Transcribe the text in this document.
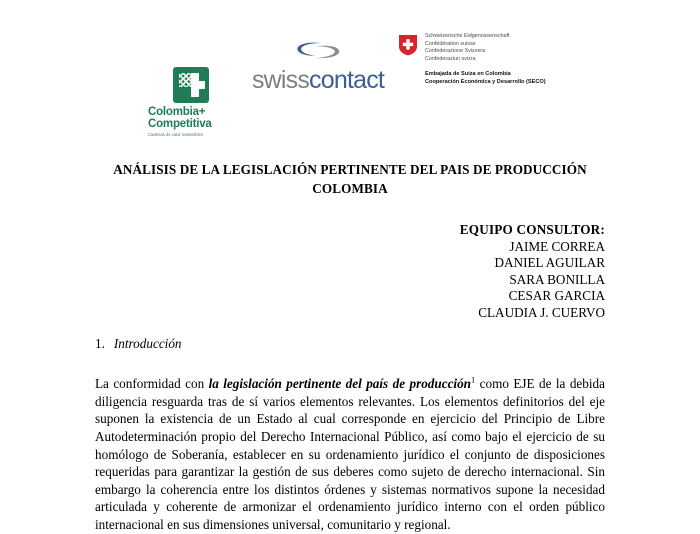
Colombia+
Competitiva
Cadenas de valor sostenibles
swisscontact
Schweizerische Eidgenossenschaft
Confédération suisse
Confederazione Svizzera
Confederaziun svizra
Embajada de Suiza en Colombia
Cooperación Económica y Desarrollo (SECO)
ANÁLISIS DE LA LEGISLACIÓN PERTINENTE DEL PAIS DE PRODUCCIÓN
COLOMBIA
EQUIPO CONSULTOR:
JAIME CORREA
DANIEL AGUILAR
SARA BONILLA
CESAR GARCIA
CLAUDIA J. CUERVO
1. Introducción

La conformidad con la legislación pertinente del país de producción$^1$ como EJE de la debida diligencia resguarda tras de sí varios elementos relevantes. Los elementos definitorios del eje suponen la existencia de un Estado al cual corresponde en ejercicio del Principio de Libre Autodeterminación propio del Derecho Internacional Público, así como bajo el ejercicio de su homólogo de Soberanía, establecer en su ordenamiento jurídico el conjunto de disposiciones requeridas para garantizar la gestión de sus deberes como sujeto de derecho internacional. Sin embargo la coherencia entre los distintos órdenes y sistemas normativos supone la necesidad articulada y coherente de armonizar el ordenamiento jurídico interno con el orden público internacional en sus dimensiones universal, comunitario y regional.
